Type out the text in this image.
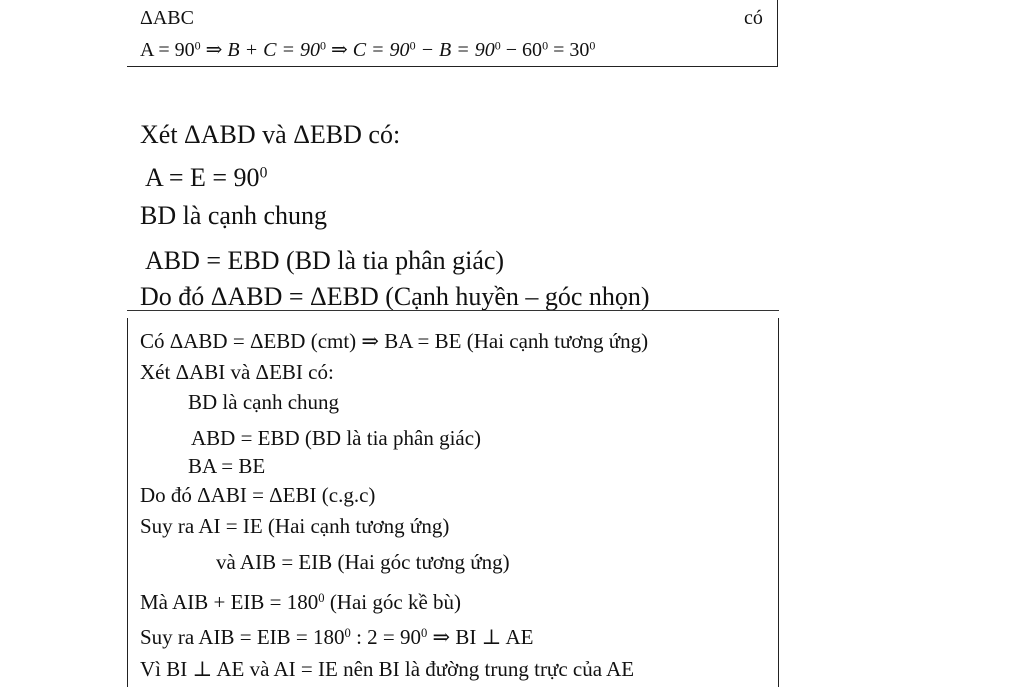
ΔABC	có
$A = 90^0$ ⇒ $B + C = 90^0$ ⇒ $C = 90^0 - B = 90^0 - 60^0 = 30^0$
Xét ΔABD và ΔEBD có:
$A = E = 90^0$
BD là cạnh chung
ABD = EBD (BD là tia phân giác)
Do đó ΔABD = ΔEBD (Cạnh huyền – góc nhọn)
Có ΔABD = ΔEBD (cmt) ⇒ BA = BE (Hai cạnh tương ứng)
Xét ΔABI và ΔEBI có:
BD là cạnh chung
ABD = EBD (BD là tia phân giác)
BA = BE
Do đó ΔABI = ΔEBI (c.g.c)
Suy ra AI = IE (Hai cạnh tương ứng)
và AIB = EIB (Hai góc tương ứng)
Mà AIB + EIB = $180^0$ (Hai góc kề bù)
Suy ra AIB = EIB = $180^0$ : $2 = 90^0$ ⇒ BI ⊥ AE
Vì BI ⊥ AE và AI = IE nên BI là đường trung trực của AE
